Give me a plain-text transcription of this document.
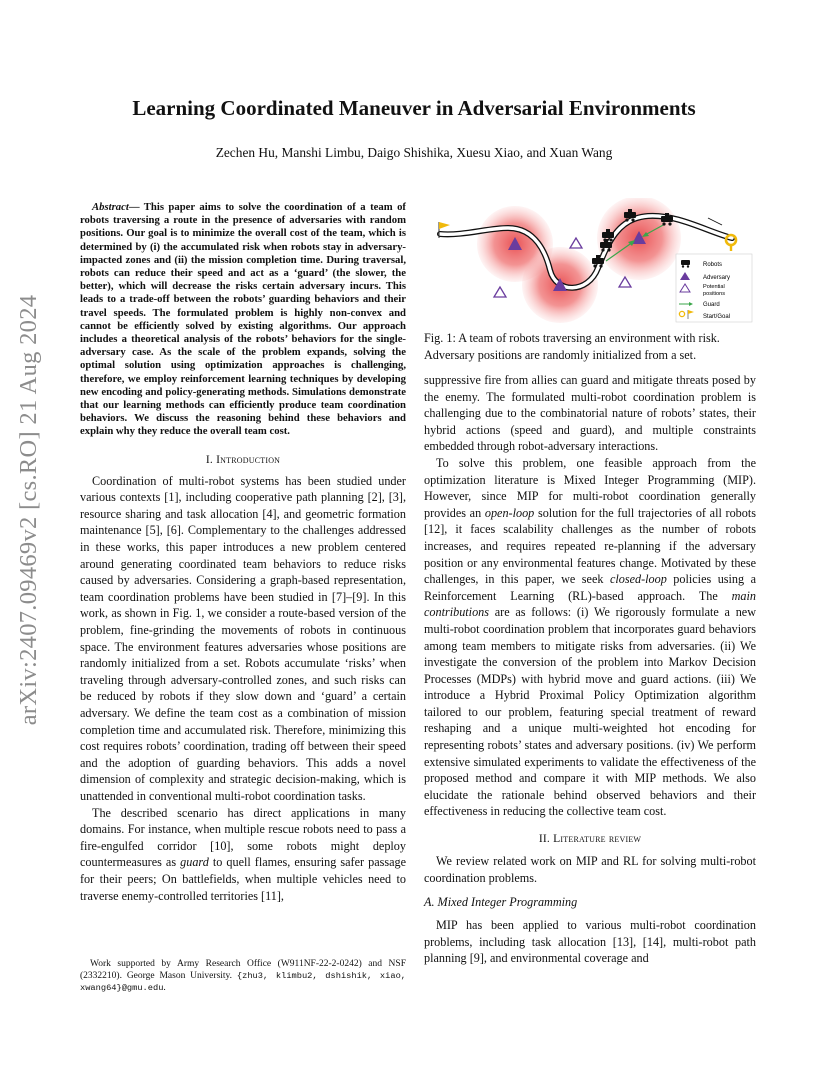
arXiv:2407.09469v2 [cs.RO] 21 Aug 2024
Learning Coordinated Maneuver in Adversarial Environments
Zechen Hu, Manshi Limbu, Daigo Shishika, Xuesu Xiao, and Xuan Wang

Abstract— This paper aims to solve the coordination of a team of robots traversing a route in the presence of adversaries with random positions. Our goal is to minimize the overall cost of the team, which is determined by (i) the accumulated risk when robots stay in adversary-impacted zones and (ii) the mission completion time. During traversal, robots can reduce their speed and act as a ‘guard’ (the slower, the better), which will decrease the risks certain adversary incurs. This leads to a trade-off between the robots’ guarding behaviors and their travel speeds. The formulated problem is highly non-convex and cannot be efficiently solved by existing algorithms. Our approach includes a theoretical analysis of the robots’ behaviors for the single-adversary case. As the scale of the problem expands, solving the optimal solution using optimization approaches is challenging, therefore, we employ reinforcement learning techniques by developing new encoding and policy-generating methods. Simulations demonstrate that our learning methods can efficiently produce team coordination behaviors. We discuss the reasoning behind these behaviors and explain why they reduce the overall team cost.

I. Introduction

Coordination of multi-robot systems has been studied under various contexts [1], including cooperative path planning [2], [3], resource sharing and task allocation [4], and geometric formation maintenance [5], [6]. Complementary to the challenges addressed in these works, this paper introduces a new problem centered around generating coordinated team behaviors to reduce risks caused by adversaries. Considering a graph-based representation, team coordination problems have been studied in [7]–[9]. In this work, as shown in Fig. 1, we consider a route-based version of the problem, fine-grinding the movements of robots in continuous space. The environment features adversaries whose positions are randomly initialized from a set. Robots accumulate ‘risks’ when traveling through adversary-controlled zones, and such risks can be reduced by robots if they slow down and ‘guard’ a certain adversary. We define the team cost as a combination of mission completion time and accumulated risk. Therefore, minimizing this cost requires robots’ coordination, trading off between their speed and the adoption of guarding behaviors. This adds a novel dimension of complexity and strategic decision-making, which is unattended in conventional multi-robot coordination tasks.

The described scenario has direct applications in many domains. For instance, when multiple rescue robots need to pass a fire-engulfed corridor [10], some robots might deploy countermeasures as guard to quell flames, ensuring safer passage for their peers; On battlefields, when multiple vehicles need to traverse enemy-controlled territories [11],

Work supported by Army Research Office (W911NF-22-2-0242) and NSF (2332210). George Mason University. {zhu3, klimbu2, dshishik, xiao, xwang64}@gmu.edu.
Robots
Adversary
Potential
positions
Guard
Start/Goal

Fig. 1: A team of robots traversing an environment with risk. Adversary positions are randomly initialized from a set.

suppressive fire from allies can guard and mitigate threats posed by the enemy. The formulated multi-robot coordination problem is challenging due to the combinatorial nature of robots’ states, their hybrid actions (speed and guard), and multiple constraints embedded through robot-adversary interactions.

To solve this problem, one feasible approach from the optimization literature is Mixed Integer Programming (MIP). However, since MIP for multi-robot coordination generally provides an open-loop solution for the full trajectories of all robots [12], it faces scalability challenges as the number of robots increases, and requires repeated re-planning if the adversary position or any environmental features change. Motivated by these challenges, in this paper, we seek closed-loop policies using a Reinforcement Learning (RL)-based approach. The main contributions are as follows: (i) We rigorously formulate a new multi-robot coordination problem that incorporates guard behaviors among team members to mitigate risks from adversaries. (ii) We investigate the conversion of the problem into Markov Decision Processes (MDPs) with hybrid move and guard actions. (iii) We introduce a Hybrid Proximal Policy Optimization algorithm tailored to our problem, featuring special treatment of reward reshaping and a unique multi-weighted hot encoding for representing robots’ states and adversary positions. (iv) We perform extensive simulated experiments to validate the effectiveness of the proposed method and compare it with MIP methods. We also elucidate the rationale behind observed behaviors and their effectiveness in reducing the collective team cost.

II. Literature review

We review related work on MIP and RL for solving multi-robot coordination problems.

A. Mixed Integer Programming

MIP has been applied to various multi-robot coordination problems, including task allocation [13], [14], multi-robot path planning [9], and environmental coverage and
